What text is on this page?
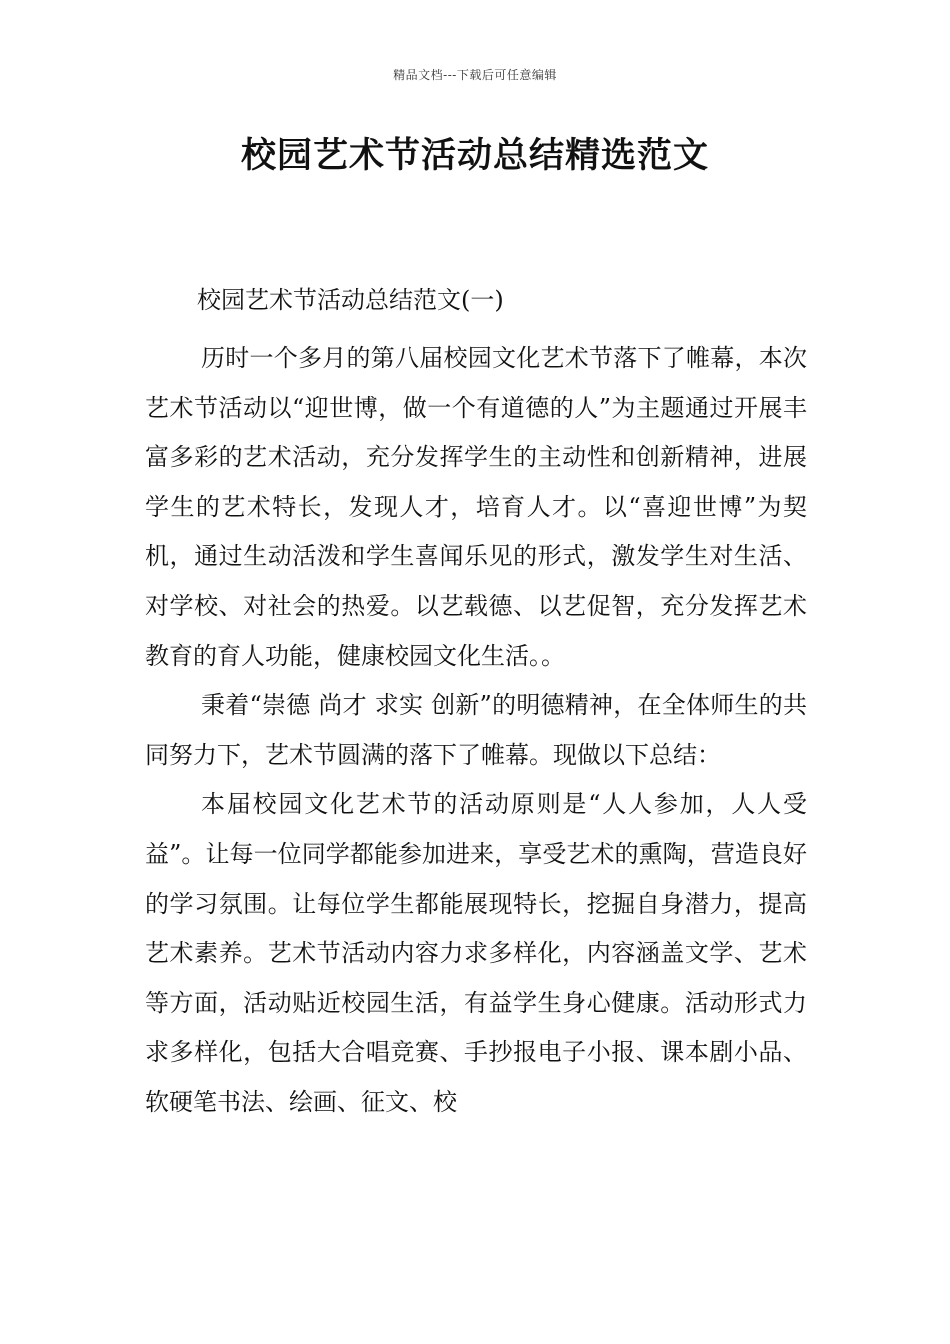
精品文档---下载后可任意编辑
校园艺术节活动总结精选范文
校园艺术节活动总结范文(一)

历时一个多月的第八届校园文化艺术节落下了帷幕，本次艺术节活动以“迎世博，做一个有道德的人”为主题通过开展丰富多彩的艺术活动，充分发挥学生的主动性和创新精神，进展学生的艺术特长，发现人才，培育人才。以“喜迎世博”为契机，通过生动活泼和学生喜闻乐见的形式，激发学生对生活、对学校、对社会的热爱。以艺载德、以艺促智，充分发挥艺术教育的育人功能，健康校园文化生活。。

秉着“崇德 尚才 求实 创新”的明德精神，在全体师生的共同努力下，艺术节圆满的落下了帷幕。现做以下总结：

本届校园文化艺术节的活动原则是“人人参加，人人受益”。让每一位同学都能参加进来，享受艺术的熏陶，营造良好的学习氛围。让每位学生都能展现特长，挖掘自身潜力，提高艺术素养。艺术节活动内容力求多样化，内容涵盖文学、艺术等方面，活动贴近校园生活，有益学生身心健康。活动形式力求多样化，包括大合唱竞赛、手抄报电子小报、课本剧小品、软硬笔书法、绘画、征文、校
